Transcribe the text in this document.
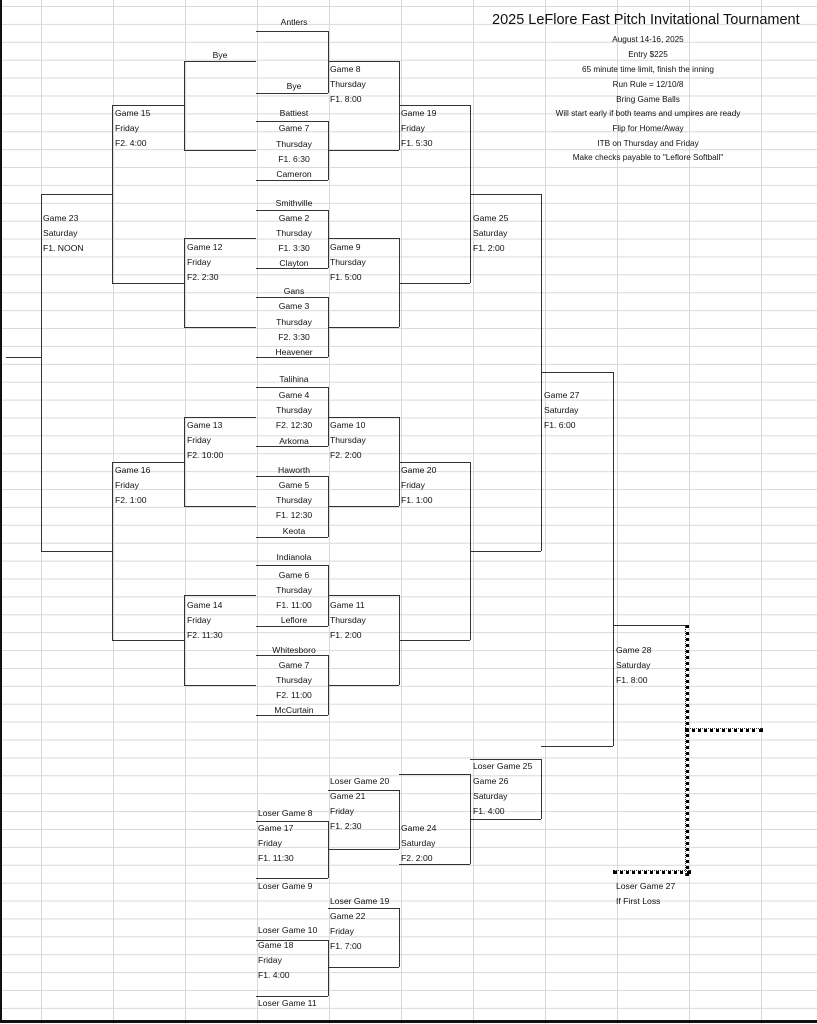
2025 LeFlore Fast Pitch Invitational Tournament
August 14-16, 2025
Entry $225
65 minute time limit, finish the inning
Run Rule = 12/10/8
Bring Game Balls
Will start early if both teams and umpires are ready
Flip for Home/Away
ITB on Thursday and Friday
Make checks payable to "Leflore Softball"
Antlers
Bye
Battiest
Game 7
Thursday
F1. 6:30
Cameron
Smithville
Game 2
Thursday
F1. 3:30
Clayton
Gans
Game 3
Thursday
F2. 3:30
Heavener
Talihina
Game 4
Thursday
F2. 12:30
Arkoma
Haworth
Game 5
Thursday
F1. 12:30
Keota
Indianola
Game 6
Thursday
F1. 11:00
Leflore
Whitesboro
Game 7
Thursday
F2. 11:00
McCurtain
Bye
Game 8
Thursday
F1. 8:00
Game 9
Thursday
F1. 5:00
Game 10
Thursday
F2. 2:00
Game 11
Thursday
F1. 2:00
Game 12
Friday
F2. 2:30
Game 13
Friday
F2. 10:00
Game 14
Friday
F2. 11:30
Game 15
Friday
F2. 4:00
Game 16
Friday
F2. 1:00
Game 19
Friday
F1. 5:30
Game 20
Friday
F1. 1:00
Game 23
Saturday
F1. NOON
Game 25
Saturday
F1. 2:00
Game 27
Saturday
F1. 6:00
Game 28
Saturday
F1. 8:00
Loser Game 8
Game 17
Friday
F1. 11:30
Loser Game 9
Loser Game 10
Game 18
Friday
F1. 4:00
Loser Game 11
Loser Game 20
Game 21
Friday
F1. 2:30
Loser Game 19
Game 22
Friday
F1. 7:00
Game 24
Saturday
F2. 2:00
Loser Game 25
Game 26
Saturday
F1. 4:00
Loser Game 27
If First Loss
